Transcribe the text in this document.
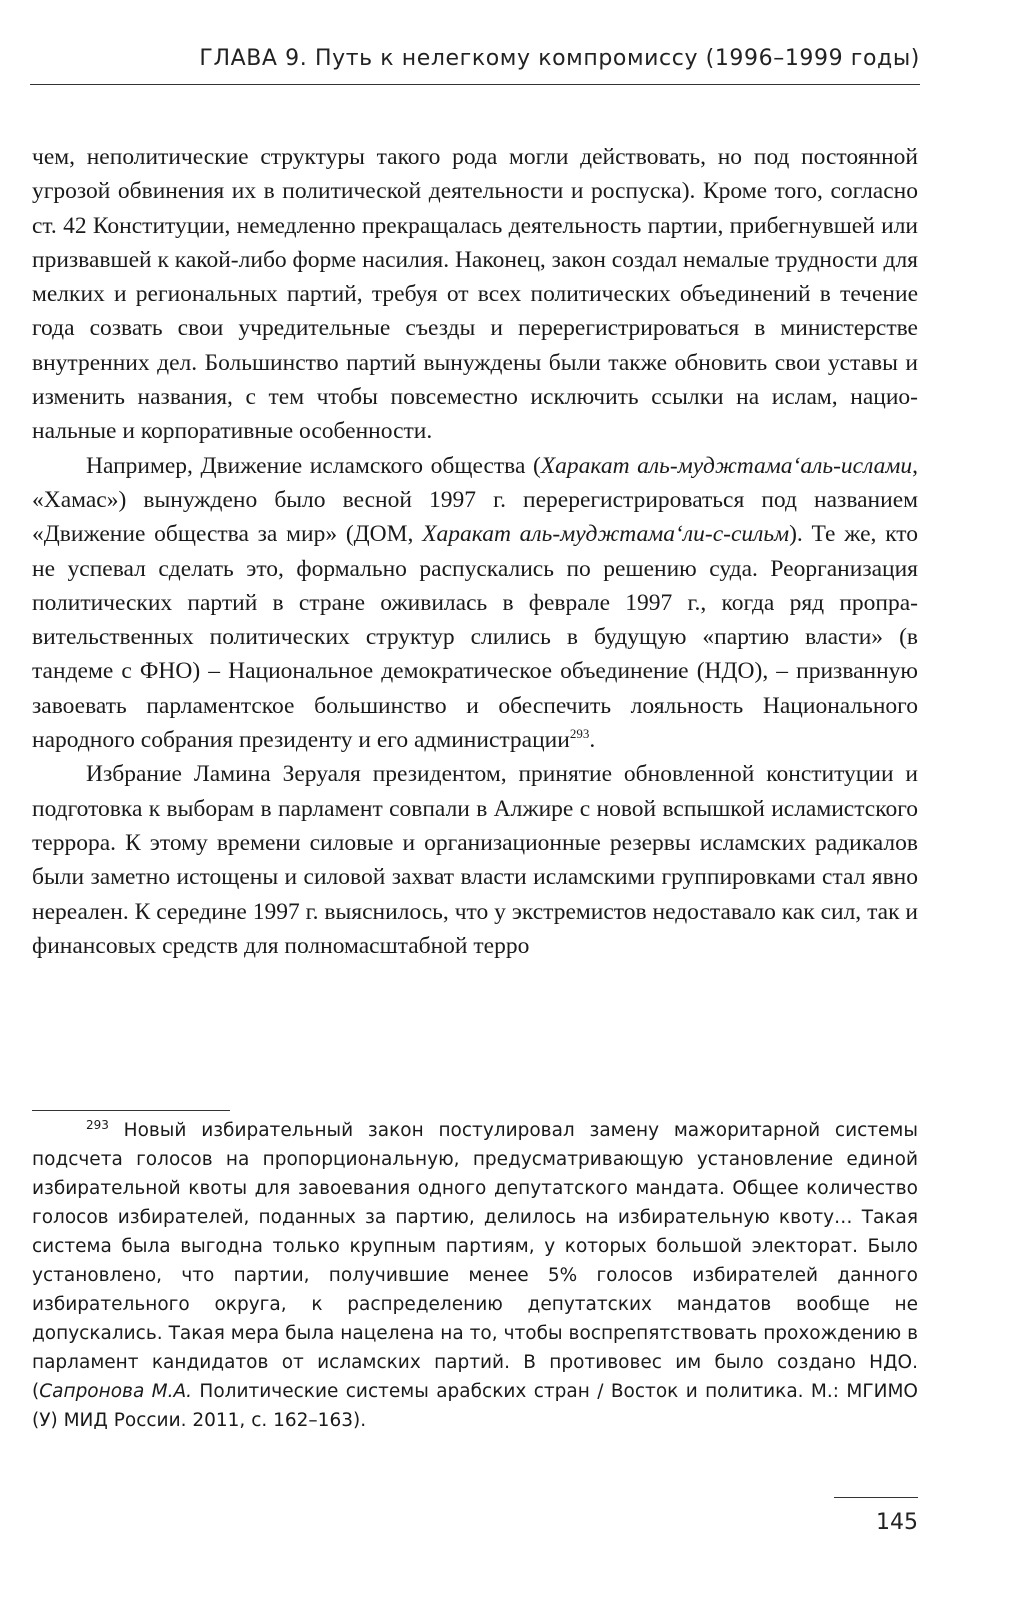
ГЛАВА 9. Путь к нелегкому компромиссу (1996–1999 годы)

чем, неполитические структуры такого рода могли действовать, но под постоянной угрозой обвинения их в политической деятельности и роспуска). Кроме того, согласно ст. 42 Конституции, немедленно прекращалась деятельность партии, прибегнувшей или призвавшей к какой-либо форме насилия. Наконец, закон создал немалые трудности для мелких и региональных партий, требуя от всех политических объединений в течение года созвать свои учредительные съезды и перерегистрироваться в министерстве внутренних дел. Большинство партий вынуждены были также обновить свои уставы и изменить названия, с тем чтобы повсеместно исключить ссылки на ислам, национальные и корпоративные особенности.

Например, Движение исламского общества (Харакат аль-муджтама‘аль-ислами, «Хамас») вынуждено было весной 1997 г. перерегистрироваться под названием «Движение общества за мир» (ДОМ, Харакат аль-муджтама‘ли-с-сильм). Те же, кто не успевал сделать это, формально распускались по решению суда. Реорганизация политических партий в стране оживилась в феврале 1997 г., когда ряд проправительственных политических структур слились в будущую «партию власти» (в тандеме с ФНО) – Национальное демократическое объединение (НДО), – призванную завоевать парламентское большинство и обеспечить лояльность Национального народного собрания президенту и его администрации$^{293}$.

Избрание Ламина Зеруаля президентом, принятие обновленной конституции и подготовка к выборам в парламент совпали в Алжире с новой вспышкой исламистского террора. К этому времени силовые и организационные резервы исламских радикалов были заметно истощены и силовой захват власти исламскими группировками стал явно нереален. К середине 1997 г. выяснилось, что у экстремистов недоставало как сил, так и финансовых средств для полномасштабной терро

$^{293}$ Новый избирательный закон постулировал замену мажоритарной системы подсчета голосов на пропорциональную, предусматривающую установление единой избирательной квоты для завоевания одного депутатского мандата. Общее количество голосов избирателей, поданных за партию, делилось на избирательную квоту… Такая система была выгодна только крупным партиям, у которых большой электорат. Было установлено, что партии, получившие менее 5% голосов избирателей данного избирательного округа, к распределению депутатских мандатов вообще не допускались. Такая мера была нацелена на то, чтобы воспрепятствовать прохождению в парламент кандидатов от исламских партий. В противовес им было создано НДО. (Сапронова М.А. Политические системы арабских стран / Восток и политика. М.: МГИМО (У) МИД России. 2011, с. 162–163).

145
